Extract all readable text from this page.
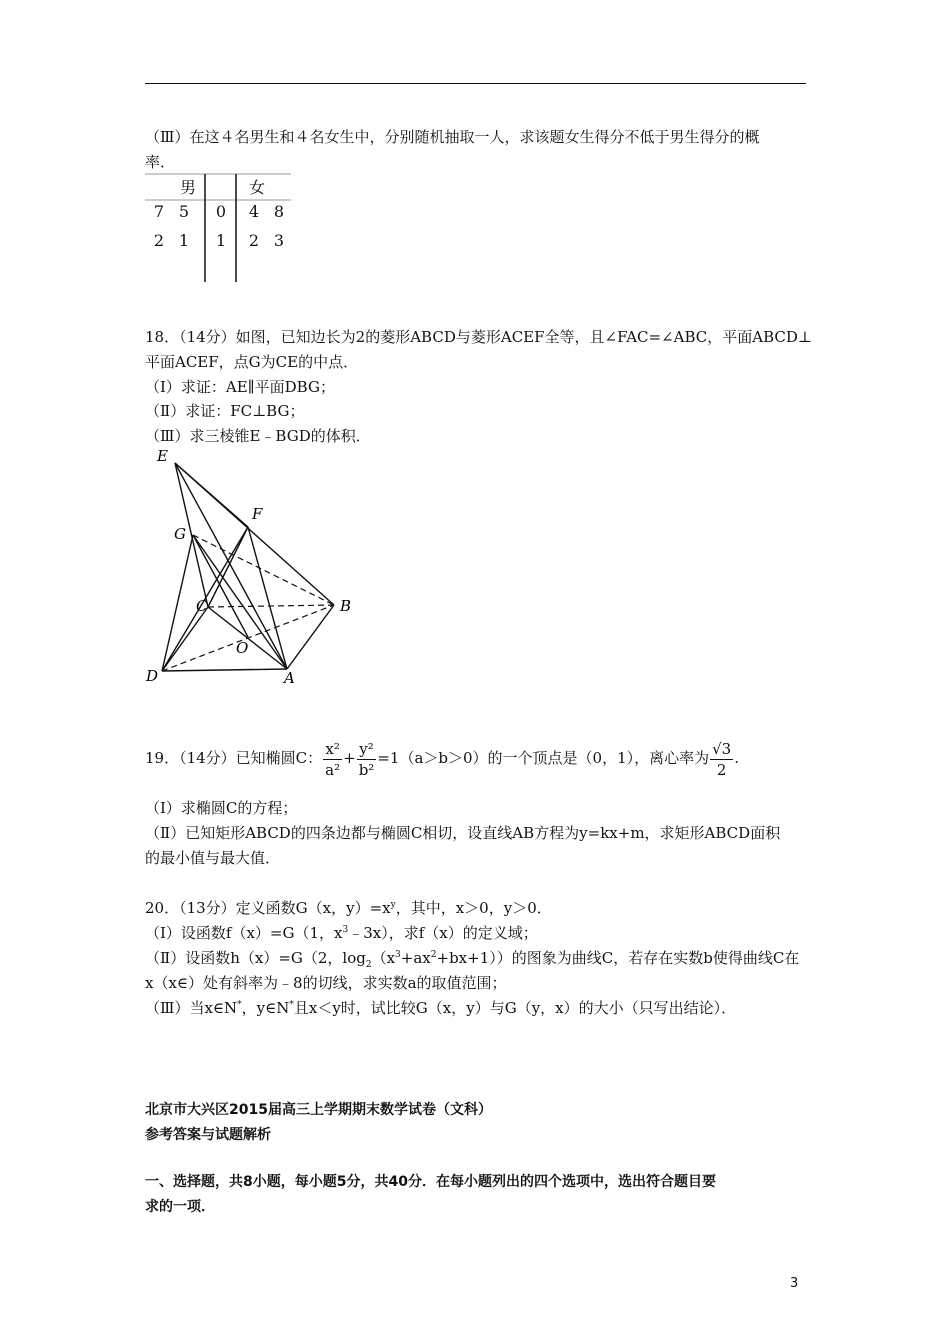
（Ⅲ）在这４名男生和４名女生中，分别随机抽取一人，求该题女生得分不低于男生得分的概
率．
男	女
7 5	0	4 8
2 1	1	2 3
18．（14分）如图，已知边长为2的菱形ABCD与菱形ACEF全等，且∠FAC=∠ABC，平面ABCD⊥
平面ACEF，点G为CE的中点．
（Ⅰ）求证：AE∥平面DBG；
（Ⅱ）求证：FC⊥BG；
（Ⅲ）求三棱锥E﹣BGD的体积．
E
F
G
C	B
O
D	A
19．（14分）已知椭圆C： $\frac{\text{x²}}{\text{a²}} + \frac{\text{y²}}{\text{b²}} =1(a>b>0)$的一个顶点是（0，1），离心率为 $\frac{√3}{2}$ .
（Ⅰ）求椭圆C的方程；
（Ⅱ）已知矩形ABCD的四条边都与椭圆C相切，设直线AB方程为y=kx+m，求矩形ABCD面积
的最小值与最大值．
20．（13分）定义函数G（x，$y)=x^y$，其中，x＞0，y＞0．
（Ⅰ）设函数f（x）=G（1，$x^3﹣3x$），求f（x）的定义域；
（Ⅱ）设函数h（x）=G（2，$\log_2(x^3+ax^2+bx+1)$）的图象为曲线C，若存在实数b使得曲线C在
x（x∈）处有斜率为﹣8的切线，求实数a的取值范围；
（Ⅲ）当x∈N*，y∈N*且x＜y时，试比较G（x，y）与G（y，x）的大小（只写出结论）．
北京市大兴区2015届高三上学期期末数学试卷（文科）
参考答案与试题解析
一、选择题，共8小题，每小题5分，共40分．在每小题列出的四个选项中，选出符合题目要
求的一项．
3
